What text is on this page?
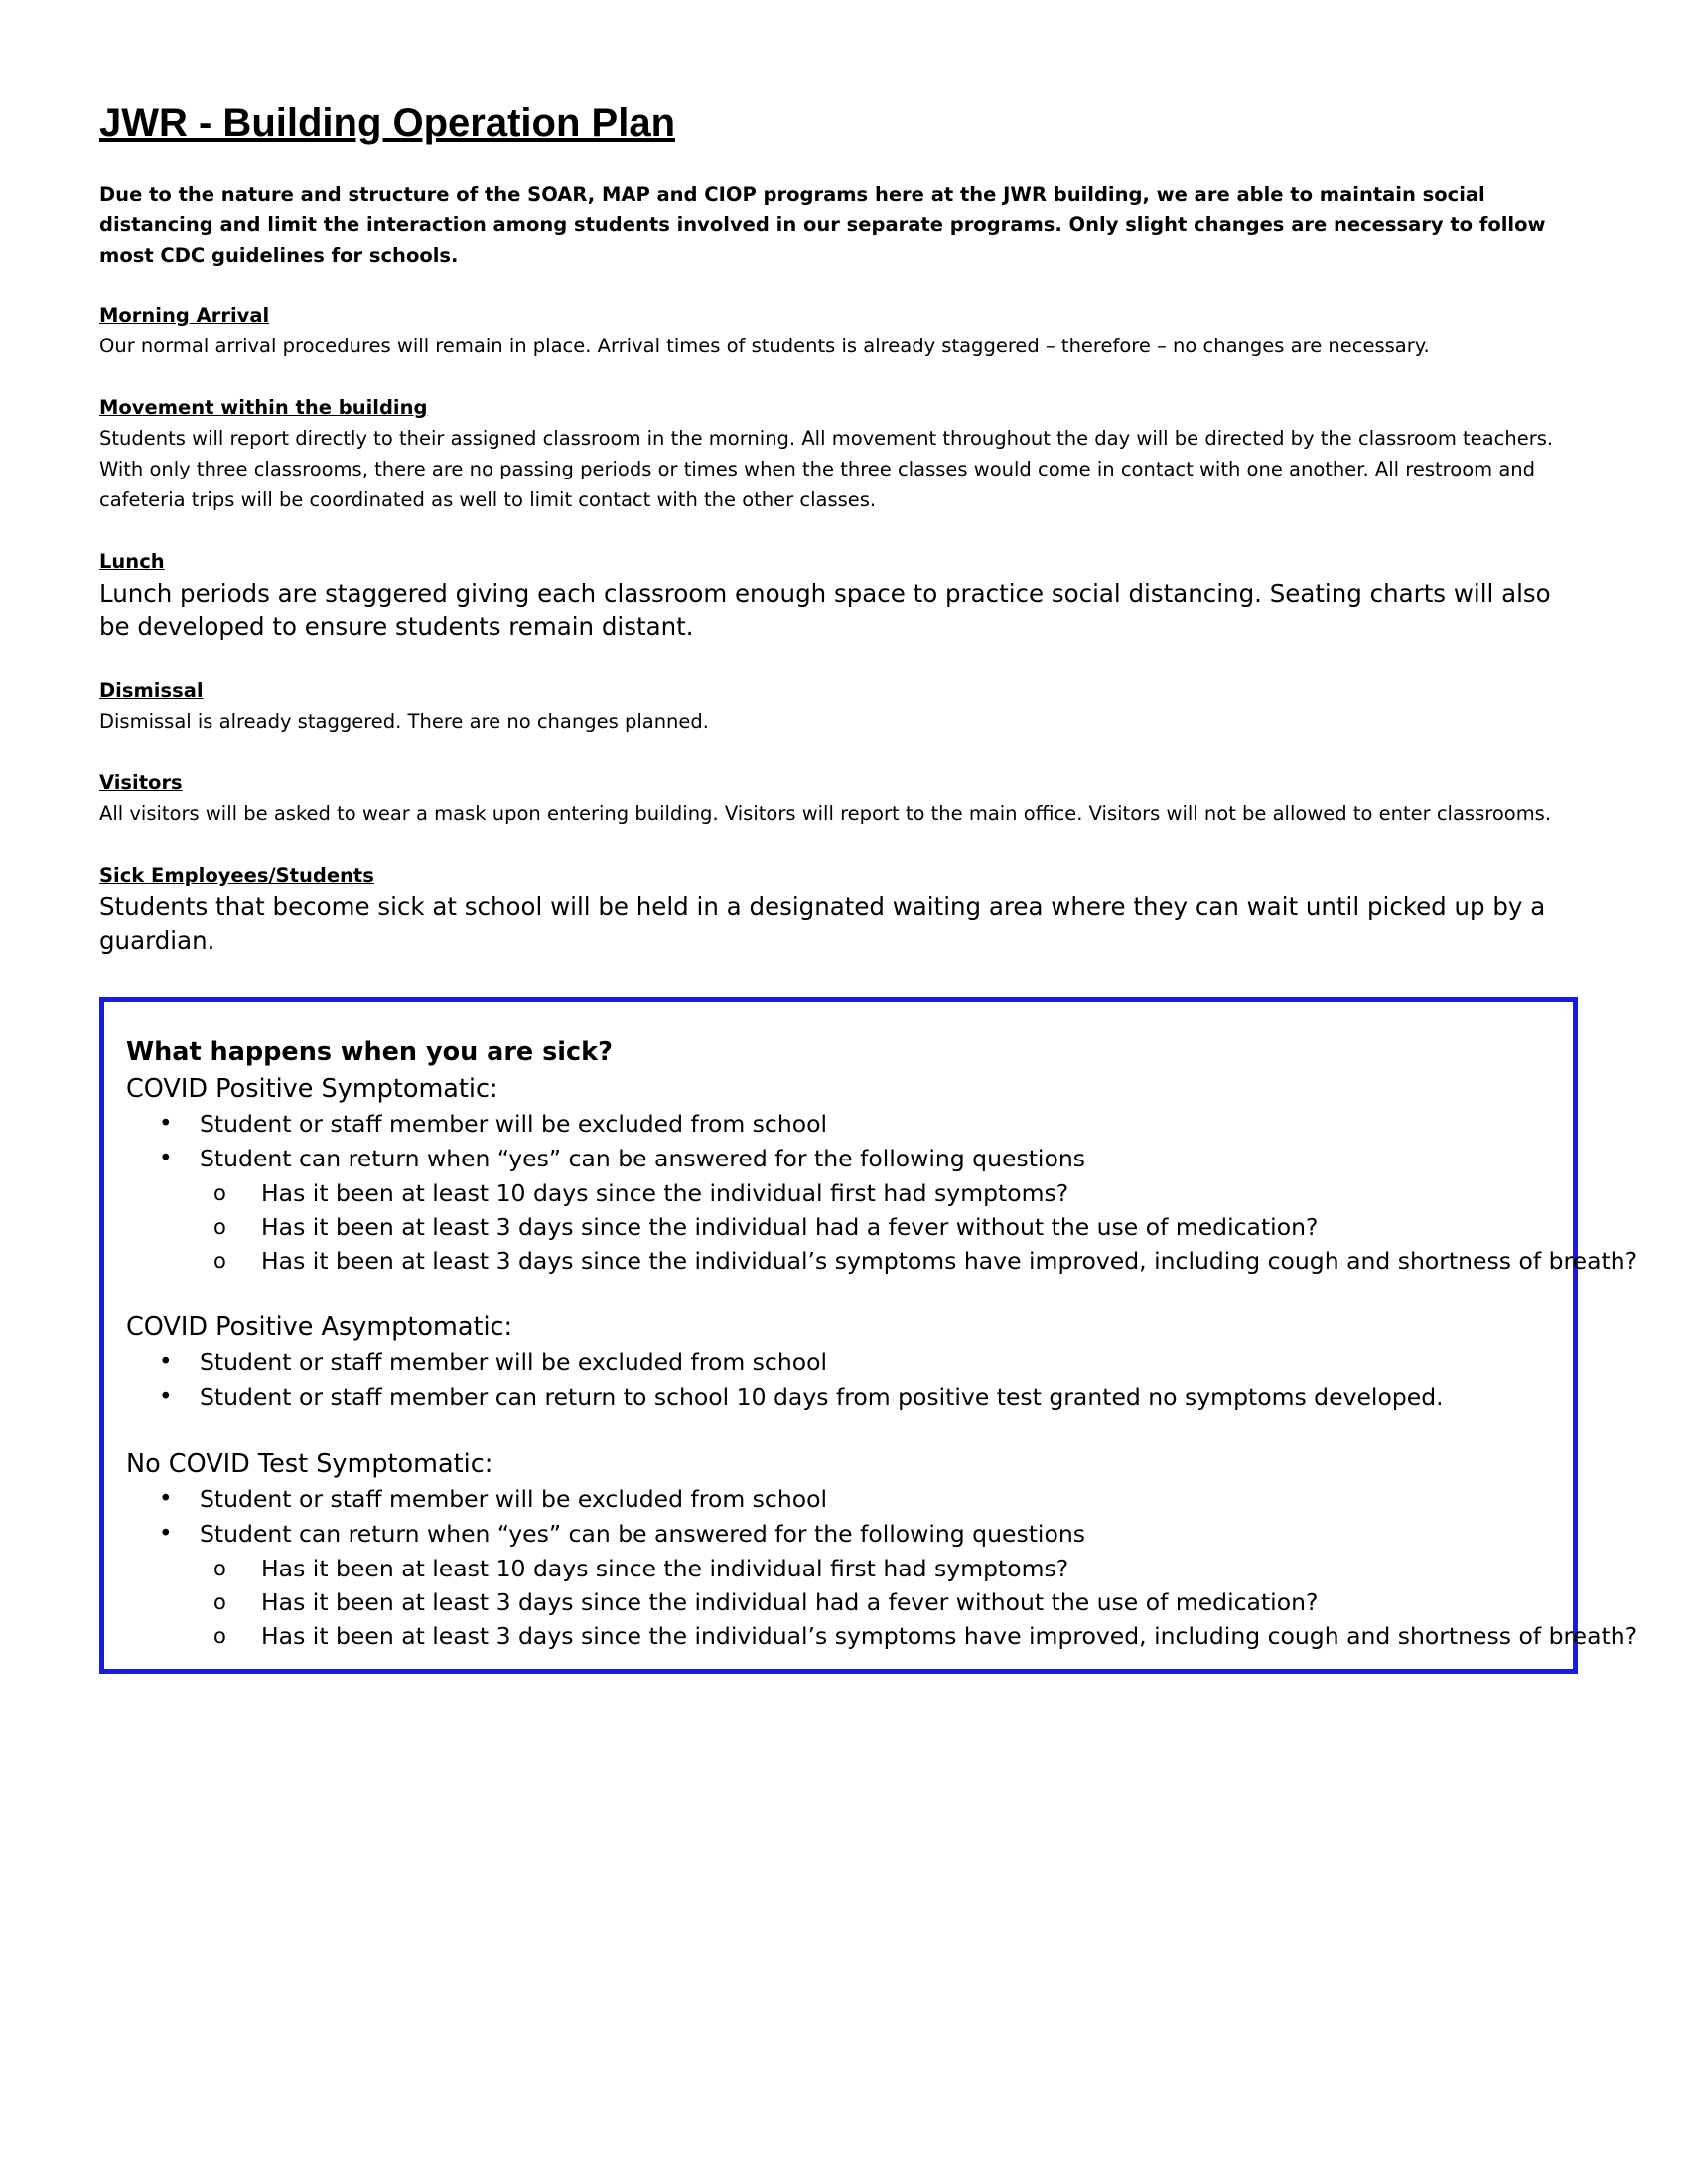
JWR - Building Operation Plan

Due to the nature and structure of the SOAR, MAP and CIOP programs here at the JWR building, we are able to maintain social distancing and limit the interaction among students involved in our separate programs. Only slight changes are necessary to follow most CDC guidelines for schools.

Morning Arrival

Our normal arrival procedures will remain in place. Arrival times of students is already staggered – therefore – no changes are necessary.

Movement within the building

Students will report directly to their assigned classroom in the morning. All movement throughout the day will be directed by the classroom teachers. With only three classrooms, there are no passing periods or times when the three classes would come in contact with one another. All restroom and cafeteria trips will be coordinated as well to limit contact with the other classes.

Lunch

Lunch periods are staggered giving each classroom enough space to practice social distancing. Seating charts will also be developed to ensure students remain distant.

Dismissal

Dismissal is already staggered. There are no changes planned.

Visitors

All visitors will be asked to wear a mask upon entering building. Visitors will report to the main office. Visitors will not be allowed to enter classrooms.

Sick Employees/Students

Students that become sick at school will be held in a designated waiting area where they can wait until picked up by a guardian.

What happens when you are sick?

COVID Positive Symptomatic:

• Student or staff member will be excluded from school
• Student can return when “yes” can be answered for the following questions
o Has it been at least 10 days since the individual first had symptoms?
o Has it been at least 3 days since the individual had a fever without the use of medication?
o Has it been at least 3 days since the individual’s symptoms have improved, including cough and shortness of breath?

COVID Positive Asymptomatic:

• Student or staff member will be excluded from school
• Student or staff member can return to school 10 days from positive test granted no symptoms developed.

No COVID Test Symptomatic:

• Student or staff member will be excluded from school
• Student can return when “yes” can be answered for the following questions
o Has it been at least 10 days since the individual first had symptoms?
o Has it been at least 3 days since the individual had a fever without the use of medication?
o Has it been at least 3 days since the individual’s symptoms have improved, including cough and shortness of breath?
